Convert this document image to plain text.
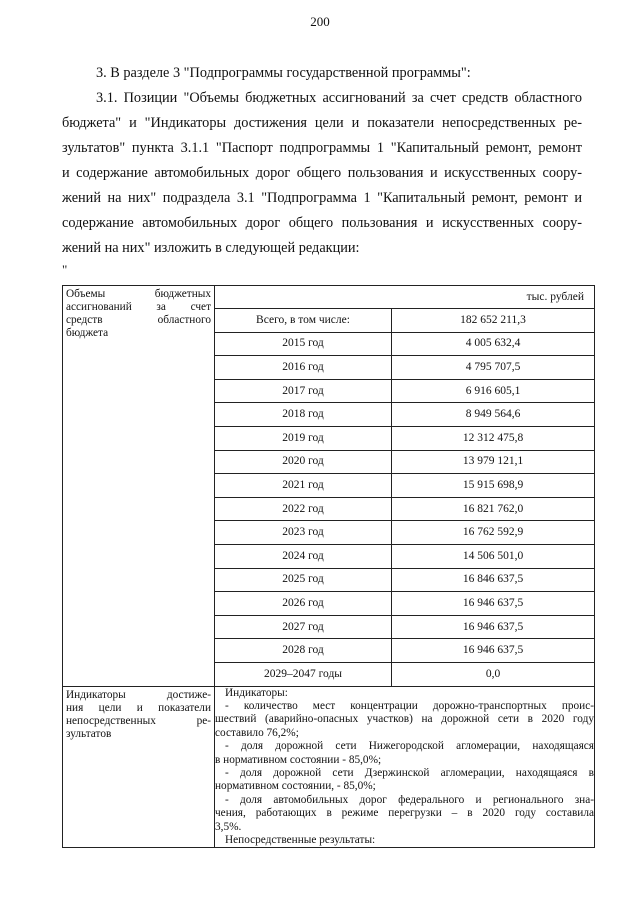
200
3. В разделе 3 "Подпрограммы государственной программы":
3.1. Позиции "Объемы бюджетных ассигнований за счет средств областного
бюджета" и "Индикаторы достижения цели и показатели непосредственных ре-
зультатов" пункта 3.1.1 "Паспорт подпрограммы 1 "Капитальный ремонт, ремонт
и содержание автомобильных дорог общего пользования и искусственных соору-
жений на них" подраздела 3.1 "Подпрограмма 1 "Капитальный ремонт, ремонт и
содержание автомобильных дорог общего пользования и искусственных соору-
жений на них" изложить в следующей редакции:
"
Объемы бюджетных
ассигнований за счет
средств областного
бюджета

тыс. рублей
Всего, в том числе:	182 652 211,3
2015 год	4 005 632,4
2016 год	4 795 707,5
2017 год	6 916 605,1
2018 год	8 949 564,6
2019 год	12 312 475,8
2020 год	13 979 121,1
2021 год	15 915 698,9
2022 год	16 821 762,0
2023 год	16 762 592,9
2024 год	14 506 501,0
2025 год	16 846 637,5
2026 год	16 946 637,5
2027 год	16 946 637,5
2028 год	16 946 637,5
2029–2047 годы	0,0

Индикаторы достиже-
ния цели и показатели
непосредственных ре-
зультатов

Индикаторы:
- количество мест концентрации дорожно-транспортных проис-
шествий (аварийно-опасных участков) на дорожной сети в 2020 году
составило 76,2%;
- доля дорожной сети Нижегородской агломерации, находящаяся
в нормативном состоянии - 85,0%;
- доля дорожной сети Дзержинской агломерации, находящаяся в
нормативном состоянии, - 85,0%;
- доля автомобильных дорог федерального и регионального зна-
чения, работающих в режиме перегрузки – в 2020 году составила
3,5%.
Непосредственные результаты:
